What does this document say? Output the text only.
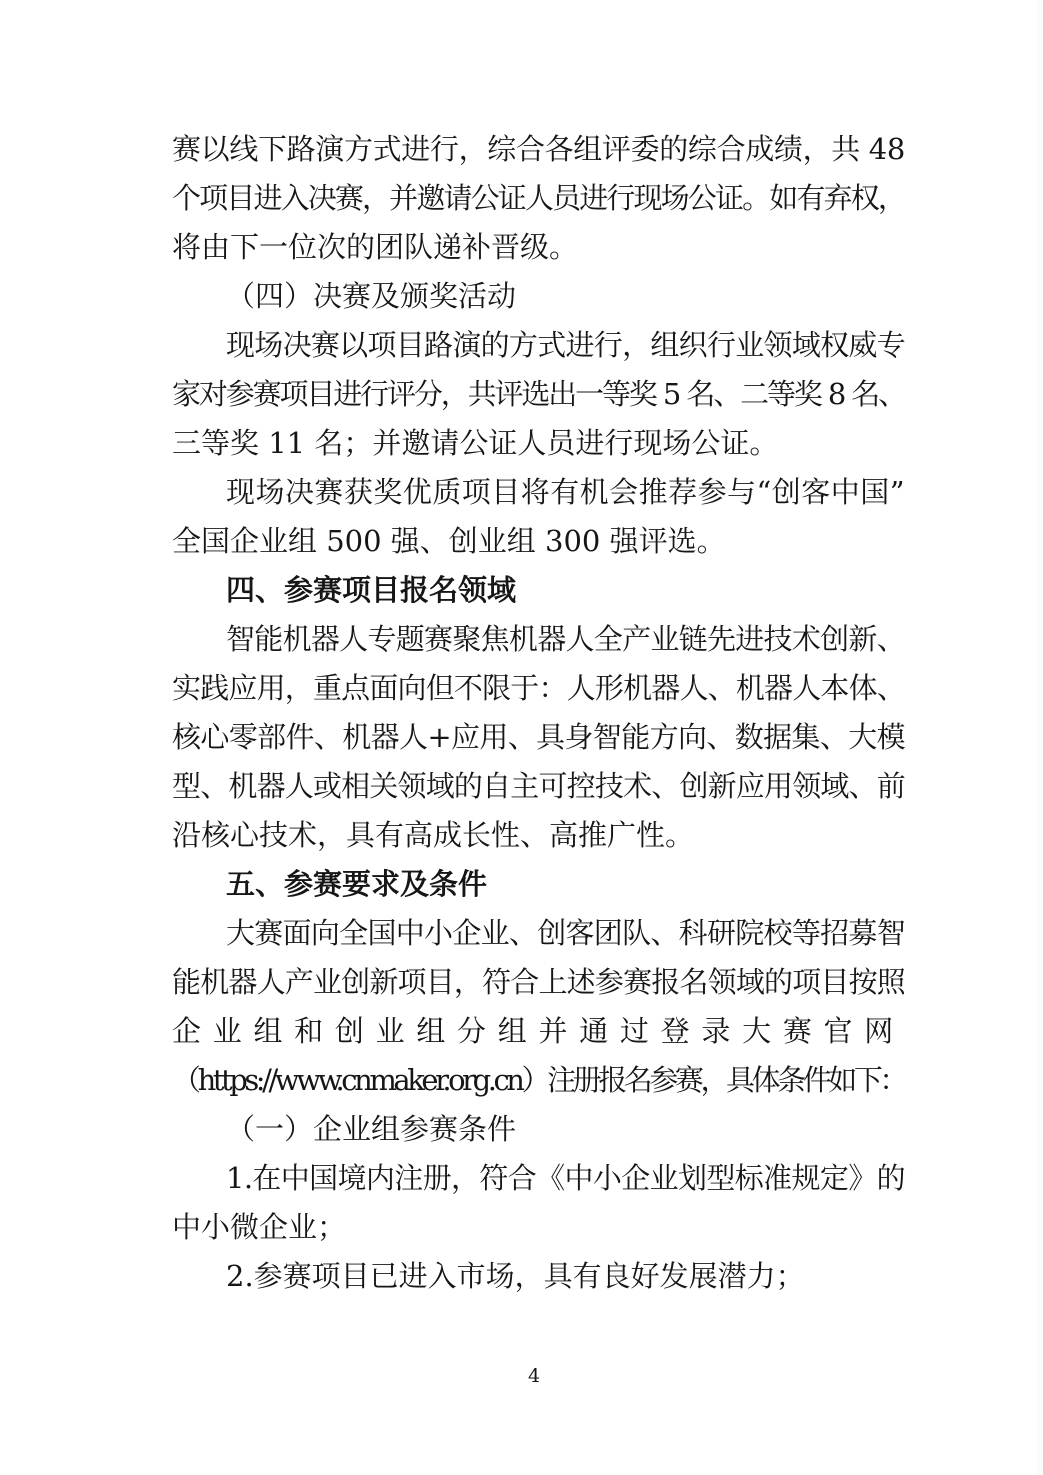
赛以线下路演方式进行，综合各组评委的综合成绩，共 48
个项目进入决赛，并邀请公证人员进行现场公证。如有弃权，
将由下一位次的团队递补晋级。
（四）决赛及颁奖活动
现场决赛以项目路演的方式进行，组织行业领域权威专
家对参赛项目进行评分，共评选出一等奖 5 名、二等奖 8 名、
三等奖 11 名；并邀请公证人员进行现场公证。
现场决赛获奖优质项目将有机会推荐参与“创客中国”
全国企业组 500 强、创业组 300 强评选。
四、参赛项目报名领域
智能机器人专题赛聚焦机器人全产业链先进技术创新、
实践应用，重点面向但不限于：人形机器人、机器人本体、
核心零部件、机器人+应用、具身智能方向、数据集、大模
型、机器人或相关领域的自主可控技术、创新应用领域、前
沿核心技术，具有高成长性、高推广性。
五、参赛要求及条件
大赛面向全国中小企业、创客团队、科研院校等招募智
能机器人产业创新项目，符合上述参赛报名领域的项目按照
企业组和创业组分组并通过登录大赛官网
（https://www.cnmaker.org.cn）注册报名参赛，具体条件如下：
（一）企业组参赛条件
1.在中国境内注册，符合《中小企业划型标准规定》的
中小微企业；
2.参赛项目已进入市场，具有良好发展潜力；
4
